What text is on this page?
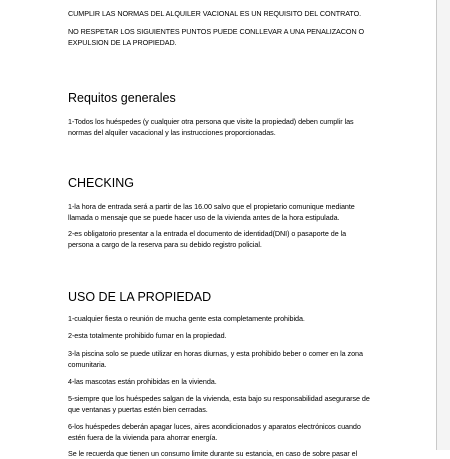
CUMPLIR LAS NORMAS DEL ALQUILER VACIONAL ES UN REQUISITO DEL CONTRATO.

NO RESPETAR LOS SIGUIENTES PUNTOS PUEDE CONLLEVAR A UNA PENALIZACON O

EXPULSION DE LA PROPIEDAD.

Requitos generales

1-Todos los huéspedes (y cualquier otra persona que visite la propiedad) deben cumplir las

normas del alquiler vacacional y las instrucciones proporcionadas.

CHECKING

1-la hora de entrada será a partir de las 16.00 salvo que el propietario comunique mediante

llamada o mensaje que se puede hacer uso de la vivienda antes de la hora estipulada.

2-es obligatorio presentar a la entrada el documento de identidad(DNI) o pasaporte de la

persona a cargo de la reserva para su debido registro policial.

USO DE LA PROPIEDAD

1-cualquier fiesta o reunión de mucha gente esta completamente prohibida.

2-esta totalmente prohibido fumar en la propiedad.

3-la piscina solo se puede utilizar en horas diurnas, y esta prohibido beber o comer en la zona

comunitaria.

4-las mascotas están prohibidas en la vivienda.

5-siempre que los huéspedes salgan de la vivienda, esta bajo su responsabilidad asegurarse de

que ventanas y puertas estén bien cerradas.

6-los huéspedes deberán apagar luces, aires acondicionados y aparatos electrónicos cuando

estén fuera de la vivienda para ahorrar energía.

Se le recuerda que tienen un consumo limite durante su estancia, en caso de sobre pasar el
